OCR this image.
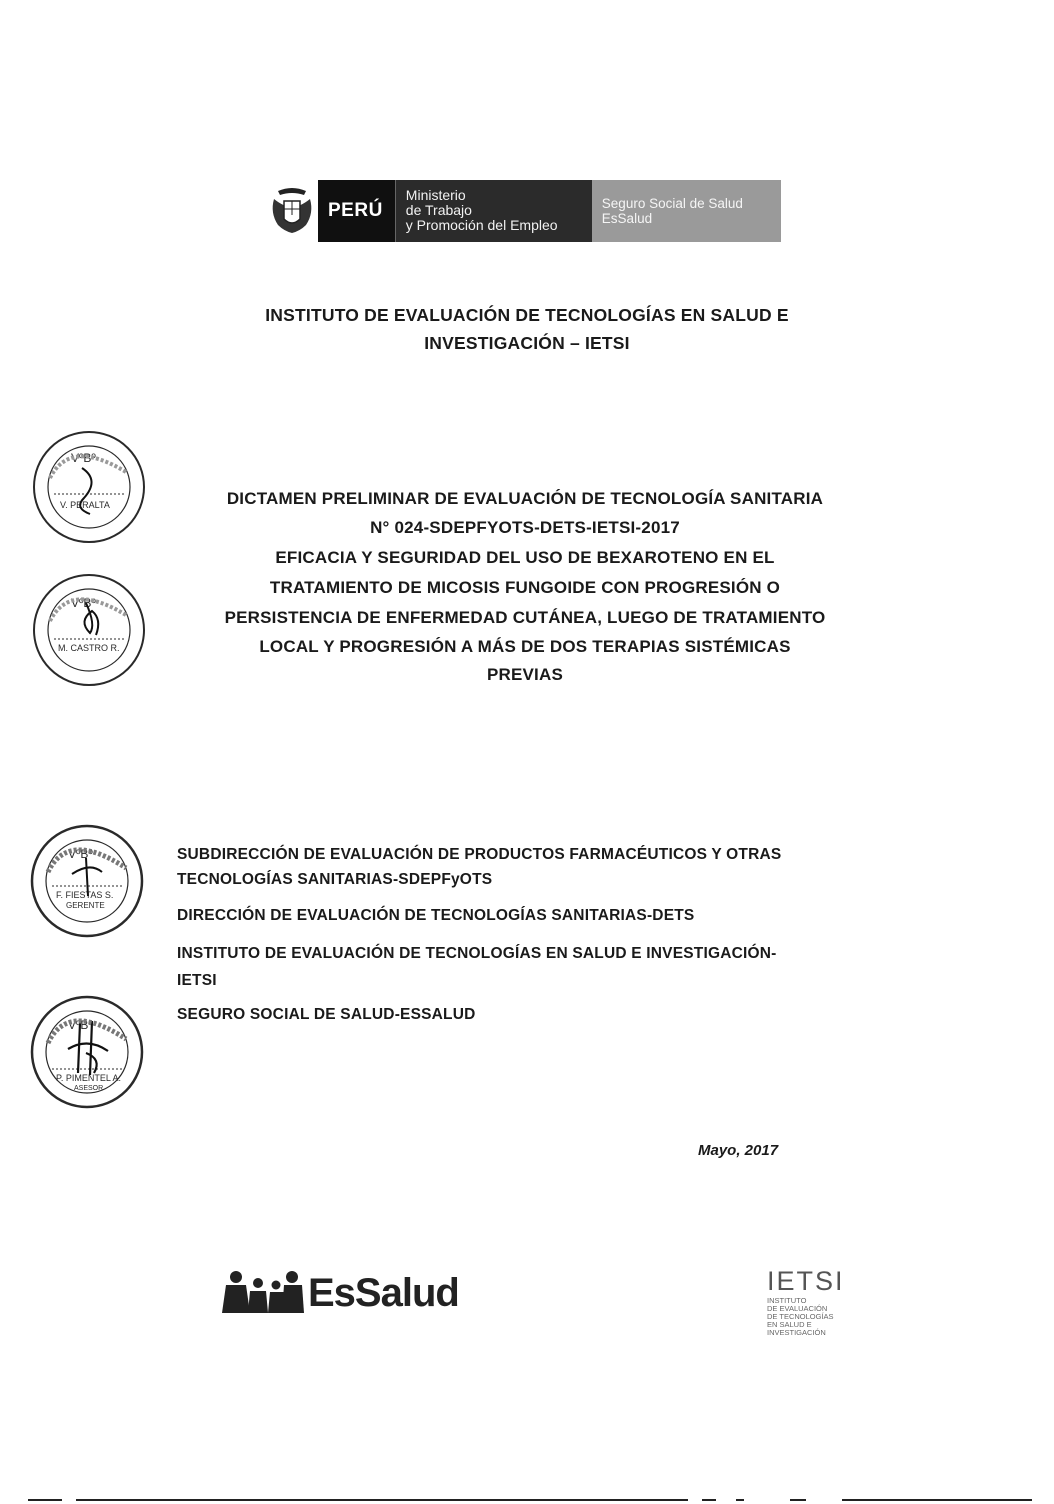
PERÚ
Ministerio
de Trabajo
y Promoción del Empleo
Seguro Social de Salud
EsSalud
INSTITUTO DE EVALUACIÓN DE TECNOLOGÍAS EN SALUD E
INVESTIGACIÓN – IETSI
VºBº
V. PERALTA
VºBº
M. CASTRO R.
VºBº
F. FIESTAS S.
GERENTE
VºBº
P. PIMENTEL A.
ASESOR
DICTAMEN PRELIMINAR DE EVALUACIÓN DE TECNOLOGÍA SANITARIA
N° 024-SDEPFYOTS-DETS-IETSI-2017
EFICACIA Y SEGURIDAD DEL USO DE BEXAROTENO EN EL
TRATAMIENTO DE MICOSIS FUNGOIDE CON PROGRESIÓN O
PERSISTENCIA DE ENFERMEDAD CUTÁNEA, LUEGO DE TRATAMIENTO
LOCAL Y PROGRESIÓN A MÁS DE DOS TERAPIAS SISTÉMICAS
PREVIAS
SUBDIRECCIÓN DE EVALUACIÓN DE PRODUCTOS FARMACÉUTICOS Y OTRAS
TECNOLOGÍAS SANITARIAS-SDEPFyOTS
DIRECCIÓN DE EVALUACIÓN DE TECNOLOGÍAS SANITARIAS-DETS
INSTITUTO DE EVALUACIÓN DE TECNOLOGÍAS EN SALUD E INVESTIGACIÓN-
IETSI
SEGURO SOCIAL DE SALUD-ESSALUD
Mayo, 2017
EsSalud	IETSI
INSTITUTO
DE EVALUACIÓN
DE TECNOLOGÍAS
EN SALUD E
INVESTIGACIÓN
